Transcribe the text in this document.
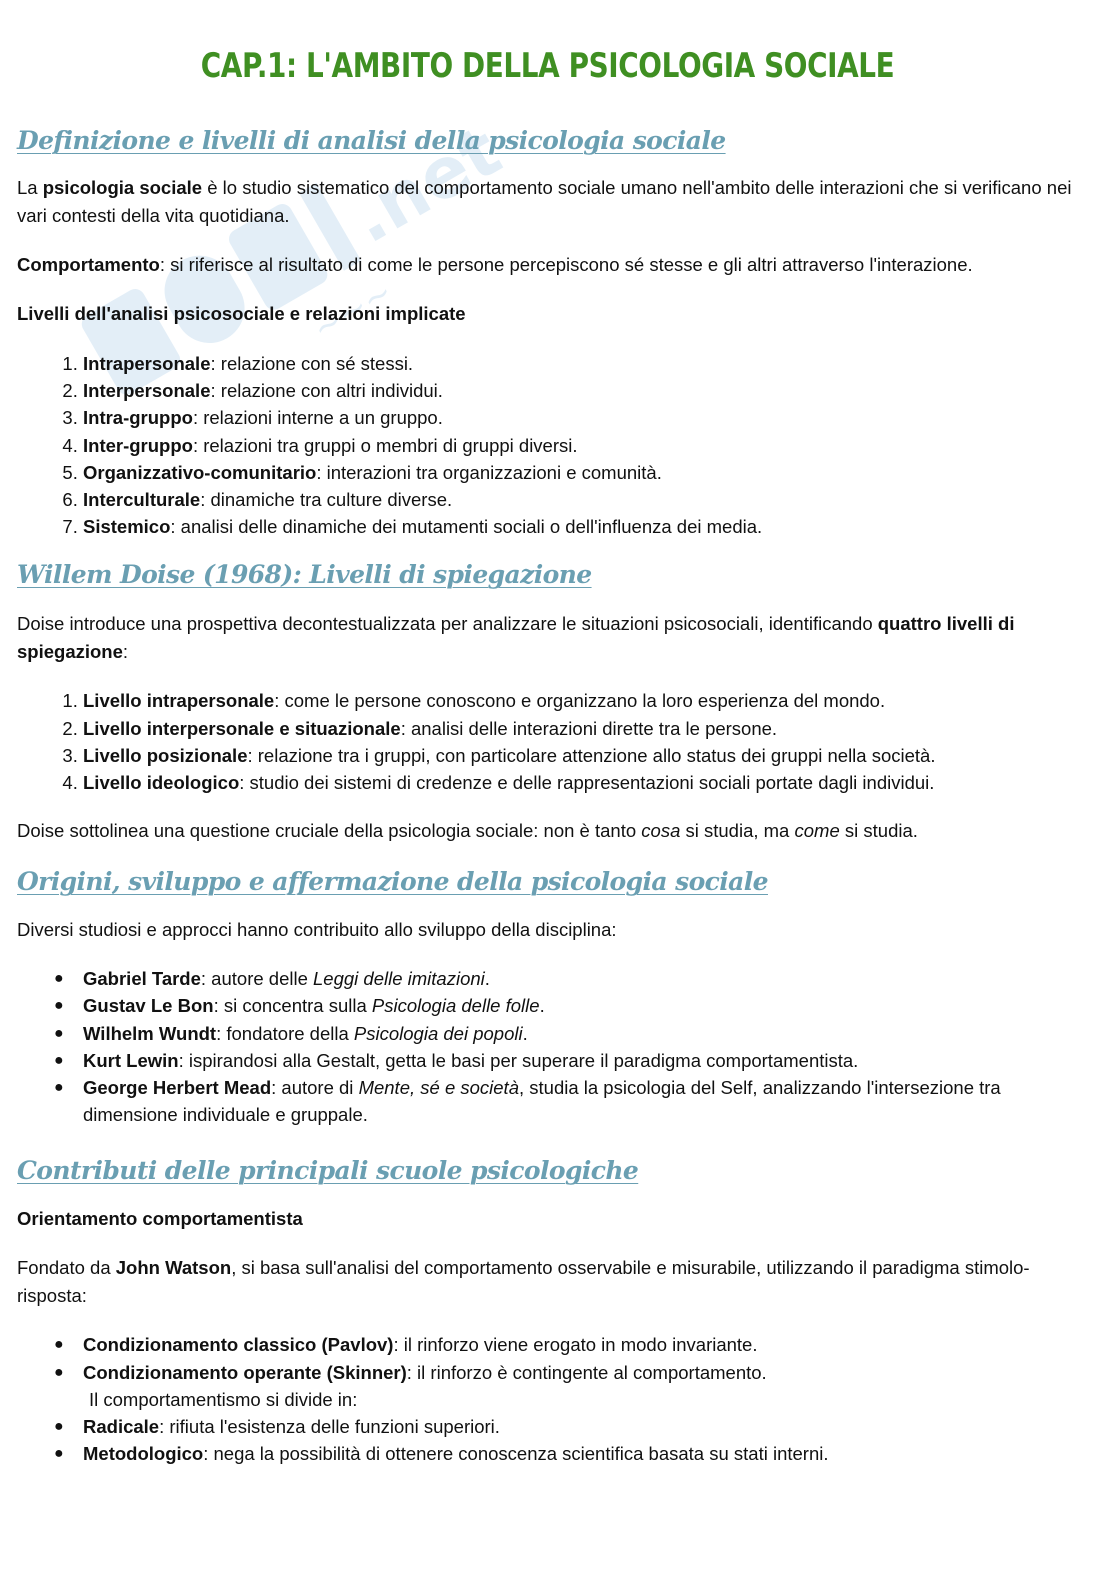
.net
~~~
CAP.1: L'AMBITO DELLA PSICOLOGIA SOCIALE
Definizione e livelli di analisi della psicologia sociale

La psicologia sociale è lo studio sistematico del comportamento sociale umano nell'ambito delle interazioni che si verificano nei vari contesti della vita quotidiana.

Comportamento: si riferisce al risultato di come le persone percepiscono sé stesse e gli altri attraverso l'interazione.

Livelli dell'analisi psicosociale e relazioni implicate

1. Intrapersonale: relazione con sé stessi.
2. Interpersonale: relazione con altri individui.
3. Intra-gruppo: relazioni interne a un gruppo.
4. Inter-gruppo: relazioni tra gruppi o membri di gruppi diversi.
5. Organizzativo-comunitario: interazioni tra organizzazioni e comunità.
6. Interculturale: dinamiche tra culture diverse.
7. Sistemico: analisi delle dinamiche dei mutamenti sociali o dell'influenza dei media.
Willem Doise (1968): Livelli di spiegazione

Doise introduce una prospettiva decontestualizzata per analizzare le situazioni psicosociali, identificando quattro livelli di spiegazione:

1. Livello intrapersonale: come le persone conoscono e organizzano la loro esperienza del mondo.
2. Livello interpersonale e situazionale: analisi delle interazioni dirette tra le persone.
3. Livello posizionale: relazione tra i gruppi, con particolare attenzione allo status dei gruppi nella società.
4. Livello ideologico: studio dei sistemi di credenze e delle rappresentazioni sociali portate dagli individui.

Doise sottolinea una questione cruciale della psicologia sociale: non è tanto cosa si studia, ma come si studia.

Origini, sviluppo e affermazione della psicologia sociale

Diversi studiosi e approcci hanno contribuito allo sviluppo della disciplina:

● Gabriel Tarde: autore delle Leggi delle imitazioni.
● Gustav Le Bon: si concentra sulla Psicologia delle folle.
● Wilhelm Wundt: fondatore della Psicologia dei popoli.
● Kurt Lewin: ispirandosi alla Gestalt, getta le basi per superare il paradigma comportamentista.
● George Herbert Mead: autore di Mente, sé e società, studia la psicologia del Self, analizzando l'intersezione tra dimensione individuale e gruppale.
Contributi delle principali scuole psicologiche

Orientamento comportamentista

Fondato da John Watson, si basa sull'analisi del comportamento osservabile e misurabile, utilizzando il paradigma stimolo-risposta:

● Condizionamento classico (Pavlov): il rinforzo viene erogato in modo invariante.
● Condizionamento operante (Skinner): il rinforzo è contingente al comportamento.
Il comportamentismo si divide in:
● Radicale: rifiuta l'esistenza delle funzioni superiori.
● Metodologico: nega la possibilità di ottenere conoscenza scientifica basata su stati interni.
